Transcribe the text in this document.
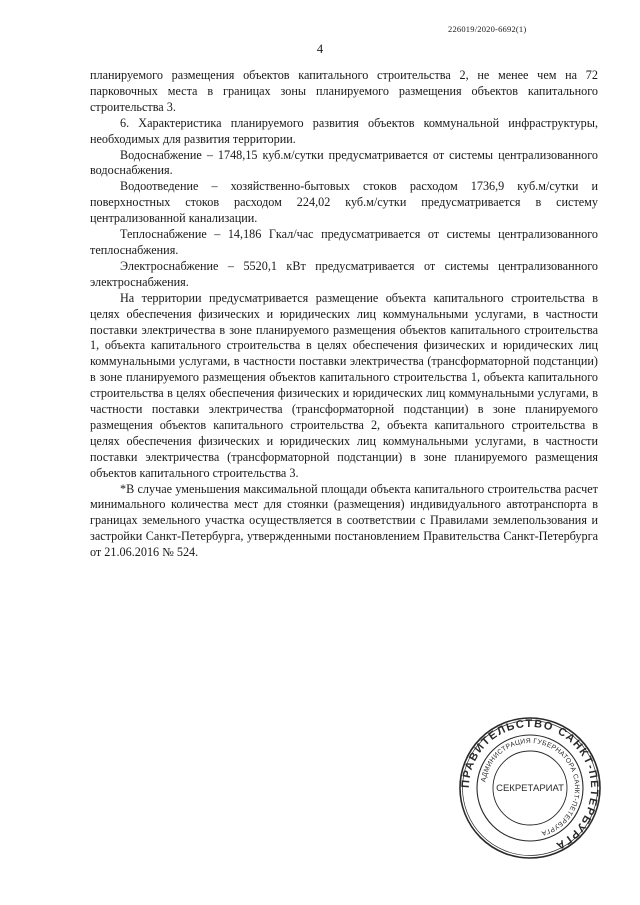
226019/2020-6692(1)
4

планируемого размещения объектов капитального строительства 2, не менее чем на 72 парковочных места в границах зоны планируемого размещения объектов капитального строительства 3.

6. Характеристика планируемого развития объектов коммунальной инфраструктуры, необходимых для развития территории.

Водоснабжение – 1748,15 куб.м/сутки предусматривается от системы централизованного водоснабжения.

Водоотведение – хозяйственно-бытовых стоков расходом 1736,9 куб.м/сутки и поверхностных стоков расходом 224,02 куб.м/сутки предусматривается в систему централизованной канализации.

Теплоснабжение – 14,186 Гкал/час предусматривается от системы централизованного теплоснабжения.

Электроснабжение – 5520,1 кВт предусматривается от системы централизованного электроснабжения.

На территории предусматривается размещение объекта капитального строительства в целях обеспечения физических и юридических лиц коммунальными услугами, в частности поставки электричества в зоне планируемого размещения объектов капитального строительства 1, объекта капитального строительства в целях обеспечения физических и юридических лиц коммунальными услугами, в частности поставки электричества (трансформаторной подстанции) в зоне планируемого размещения объектов капитального строительства 1, объекта капитального строительства в целях обеспечения физических и юридических лиц коммунальными услугами, в частности поставки электричества (трансформаторной подстанции) в зоне планируемого размещения объектов капитального строительства 2, объекта капитального строительства в целях обеспечения физических и юридических лиц коммунальными услугами, в частности поставки электричества (трансформаторной подстанции) в зоне планируемого размещения объектов капитального строительства 3.

*В случае уменьшения максимальной площади объекта капитального строительства расчет минимального количества мест для стоянки (размещения) индивидуального автотранспорта в границах земельного участка осуществляется в соответствии с Правилами землепользования и застройки Санкт-Петербурга, утвержденными постановлением Правительства Санкт-Петербурга от 21.06.2016 № 524.

ПРАВИТЕЛЬСТВО САНКТ-ПЕТЕРБУРГА
АДМИНИСТРАЦИЯ ГУБЕРНАТОРА САНКТ-ПЕТЕРБУРГА
СЕКРЕТАРИАТ
